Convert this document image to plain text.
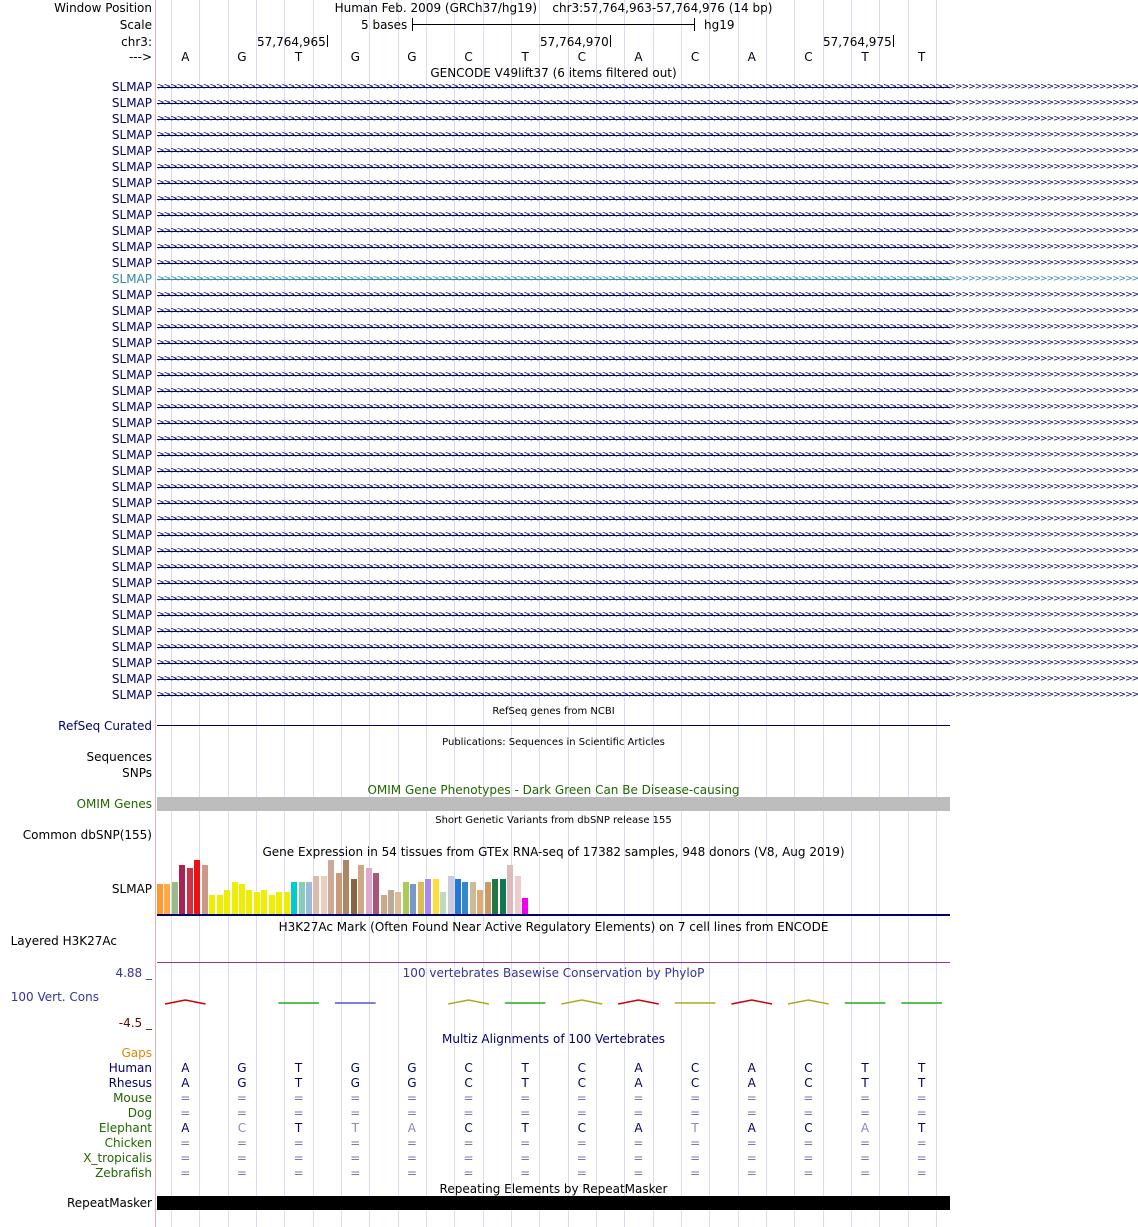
Window Position	Human Feb. 2009 (GRCh37/hg19) chr3:57,764,963-57,764,976 (14 bp)
Scale	5 bases	hg19
chr3:	57,764,965	57,764,970	57,764,975
--->	A	G	T	G	G	C	T	C	A	C	A	C	T	T
GENCODE V49lift37 (6 items filtered out)
SLMAP >>>>>>>>>>>>>>>>>>>>>>>>>>>>>>>>>>>>>>>>>>>>>>>>>>>>>>>>>>>>>>>>>>>>>>>>>>>>>>>>>>>>>>>>>>>>>>>>>>>>>>>>>>>>>>>>>>>>>>>>>>>>>>>>>>>>>>>>>>>>>>>>>>>>>>
SLMAP >>>>>>>>>>>>>>>>>>>>>>>>>>>>>>>>>>>>>>>>>>>>>>>>>>>>>>>>>>>>>>>>>>>>>>>>>>>>>>>>>>>>>>>>>>>>>>>>>>>>>>>>>>>>>>>>>>>>>>>>>>>>>>>>>>>>>>>>>>>>>>>>>>>>>>
SLMAP >>>>>>>>>>>>>>>>>>>>>>>>>>>>>>>>>>>>>>>>>>>>>>>>>>>>>>>>>>>>>>>>>>>>>>>>>>>>>>>>>>>>>>>>>>>>>>>>>>>>>>>>>>>>>>>>>>>>>>>>>>>>>>>>>>>>>>>>>>>>>>>>>>>>>>
SLMAP >>>>>>>>>>>>>>>>>>>>>>>>>>>>>>>>>>>>>>>>>>>>>>>>>>>>>>>>>>>>>>>>>>>>>>>>>>>>>>>>>>>>>>>>>>>>>>>>>>>>>>>>>>>>>>>>>>>>>>>>>>>>>>>>>>>>>>>>>>>>>>>>>>>>>>
SLMAP >>>>>>>>>>>>>>>>>>>>>>>>>>>>>>>>>>>>>>>>>>>>>>>>>>>>>>>>>>>>>>>>>>>>>>>>>>>>>>>>>>>>>>>>>>>>>>>>>>>>>>>>>>>>>>>>>>>>>>>>>>>>>>>>>>>>>>>>>>>>>>>>>>>>>>
SLMAP >>>>>>>>>>>>>>>>>>>>>>>>>>>>>>>>>>>>>>>>>>>>>>>>>>>>>>>>>>>>>>>>>>>>>>>>>>>>>>>>>>>>>>>>>>>>>>>>>>>>>>>>>>>>>>>>>>>>>>>>>>>>>>>>>>>>>>>>>>>>>>>>>>>>>>
SLMAP >>>>>>>>>>>>>>>>>>>>>>>>>>>>>>>>>>>>>>>>>>>>>>>>>>>>>>>>>>>>>>>>>>>>>>>>>>>>>>>>>>>>>>>>>>>>>>>>>>>>>>>>>>>>>>>>>>>>>>>>>>>>>>>>>>>>>>>>>>>>>>>>>>>>>>
SLMAP >>>>>>>>>>>>>>>>>>>>>>>>>>>>>>>>>>>>>>>>>>>>>>>>>>>>>>>>>>>>>>>>>>>>>>>>>>>>>>>>>>>>>>>>>>>>>>>>>>>>>>>>>>>>>>>>>>>>>>>>>>>>>>>>>>>>>>>>>>>>>>>>>>>>>>
SLMAP >>>>>>>>>>>>>>>>>>>>>>>>>>>>>>>>>>>>>>>>>>>>>>>>>>>>>>>>>>>>>>>>>>>>>>>>>>>>>>>>>>>>>>>>>>>>>>>>>>>>>>>>>>>>>>>>>>>>>>>>>>>>>>>>>>>>>>>>>>>>>>>>>>>>>>
SLMAP >>>>>>>>>>>>>>>>>>>>>>>>>>>>>>>>>>>>>>>>>>>>>>>>>>>>>>>>>>>>>>>>>>>>>>>>>>>>>>>>>>>>>>>>>>>>>>>>>>>>>>>>>>>>>>>>>>>>>>>>>>>>>>>>>>>>>>>>>>>>>>>>>>>>>>
SLMAP >>>>>>>>>>>>>>>>>>>>>>>>>>>>>>>>>>>>>>>>>>>>>>>>>>>>>>>>>>>>>>>>>>>>>>>>>>>>>>>>>>>>>>>>>>>>>>>>>>>>>>>>>>>>>>>>>>>>>>>>>>>>>>>>>>>>>>>>>>>>>>>>>>>>>>
SLMAP >>>>>>>>>>>>>>>>>>>>>>>>>>>>>>>>>>>>>>>>>>>>>>>>>>>>>>>>>>>>>>>>>>>>>>>>>>>>>>>>>>>>>>>>>>>>>>>>>>>>>>>>>>>>>>>>>>>>>>>>>>>>>>>>>>>>>>>>>>>>>>>>>>>>>>
SLMAP >>>>>>>>>>>>>>>>>>>>>>>>>>>>>>>>>>>>>>>>>>>>>>>>>>>>>>>>>>>>>>>>>>>>>>>>>>>>>>>>>>>>>>>>>>>>>>>>>>>>>>>>>>>>>>>>>>>>>>>>>>>>>>>>>>>>>>>>>>>>>>>>>>>>>>
SLMAP >>>>>>>>>>>>>>>>>>>>>>>>>>>>>>>>>>>>>>>>>>>>>>>>>>>>>>>>>>>>>>>>>>>>>>>>>>>>>>>>>>>>>>>>>>>>>>>>>>>>>>>>>>>>>>>>>>>>>>>>>>>>>>>>>>>>>>>>>>>>>>>>>>>>>>
SLMAP >>>>>>>>>>>>>>>>>>>>>>>>>>>>>>>>>>>>>>>>>>>>>>>>>>>>>>>>>>>>>>>>>>>>>>>>>>>>>>>>>>>>>>>>>>>>>>>>>>>>>>>>>>>>>>>>>>>>>>>>>>>>>>>>>>>>>>>>>>>>>>>>>>>>>>
SLMAP >>>>>>>>>>>>>>>>>>>>>>>>>>>>>>>>>>>>>>>>>>>>>>>>>>>>>>>>>>>>>>>>>>>>>>>>>>>>>>>>>>>>>>>>>>>>>>>>>>>>>>>>>>>>>>>>>>>>>>>>>>>>>>>>>>>>>>>>>>>>>>>>>>>>>>
SLMAP >>>>>>>>>>>>>>>>>>>>>>>>>>>>>>>>>>>>>>>>>>>>>>>>>>>>>>>>>>>>>>>>>>>>>>>>>>>>>>>>>>>>>>>>>>>>>>>>>>>>>>>>>>>>>>>>>>>>>>>>>>>>>>>>>>>>>>>>>>>>>>>>>>>>>>
SLMAP >>>>>>>>>>>>>>>>>>>>>>>>>>>>>>>>>>>>>>>>>>>>>>>>>>>>>>>>>>>>>>>>>>>>>>>>>>>>>>>>>>>>>>>>>>>>>>>>>>>>>>>>>>>>>>>>>>>>>>>>>>>>>>>>>>>>>>>>>>>>>>>>>>>>>>
SLMAP >>>>>>>>>>>>>>>>>>>>>>>>>>>>>>>>>>>>>>>>>>>>>>>>>>>>>>>>>>>>>>>>>>>>>>>>>>>>>>>>>>>>>>>>>>>>>>>>>>>>>>>>>>>>>>>>>>>>>>>>>>>>>>>>>>>>>>>>>>>>>>>>>>>>>>
SLMAP >>>>>>>>>>>>>>>>>>>>>>>>>>>>>>>>>>>>>>>>>>>>>>>>>>>>>>>>>>>>>>>>>>>>>>>>>>>>>>>>>>>>>>>>>>>>>>>>>>>>>>>>>>>>>>>>>>>>>>>>>>>>>>>>>>>>>>>>>>>>>>>>>>>>>>
SLMAP >>>>>>>>>>>>>>>>>>>>>>>>>>>>>>>>>>>>>>>>>>>>>>>>>>>>>>>>>>>>>>>>>>>>>>>>>>>>>>>>>>>>>>>>>>>>>>>>>>>>>>>>>>>>>>>>>>>>>>>>>>>>>>>>>>>>>>>>>>>>>>>>>>>>>>
SLMAP >>>>>>>>>>>>>>>>>>>>>>>>>>>>>>>>>>>>>>>>>>>>>>>>>>>>>>>>>>>>>>>>>>>>>>>>>>>>>>>>>>>>>>>>>>>>>>>>>>>>>>>>>>>>>>>>>>>>>>>>>>>>>>>>>>>>>>>>>>>>>>>>>>>>>>
SLMAP >>>>>>>>>>>>>>>>>>>>>>>>>>>>>>>>>>>>>>>>>>>>>>>>>>>>>>>>>>>>>>>>>>>>>>>>>>>>>>>>>>>>>>>>>>>>>>>>>>>>>>>>>>>>>>>>>>>>>>>>>>>>>>>>>>>>>>>>>>>>>>>>>>>>>>
SLMAP >>>>>>>>>>>>>>>>>>>>>>>>>>>>>>>>>>>>>>>>>>>>>>>>>>>>>>>>>>>>>>>>>>>>>>>>>>>>>>>>>>>>>>>>>>>>>>>>>>>>>>>>>>>>>>>>>>>>>>>>>>>>>>>>>>>>>>>>>>>>>>>>>>>>>>
SLMAP >>>>>>>>>>>>>>>>>>>>>>>>>>>>>>>>>>>>>>>>>>>>>>>>>>>>>>>>>>>>>>>>>>>>>>>>>>>>>>>>>>>>>>>>>>>>>>>>>>>>>>>>>>>>>>>>>>>>>>>>>>>>>>>>>>>>>>>>>>>>>>>>>>>>>>
SLMAP >>>>>>>>>>>>>>>>>>>>>>>>>>>>>>>>>>>>>>>>>>>>>>>>>>>>>>>>>>>>>>>>>>>>>>>>>>>>>>>>>>>>>>>>>>>>>>>>>>>>>>>>>>>>>>>>>>>>>>>>>>>>>>>>>>>>>>>>>>>>>>>>>>>>>>
SLMAP >>>>>>>>>>>>>>>>>>>>>>>>>>>>>>>>>>>>>>>>>>>>>>>>>>>>>>>>>>>>>>>>>>>>>>>>>>>>>>>>>>>>>>>>>>>>>>>>>>>>>>>>>>>>>>>>>>>>>>>>>>>>>>>>>>>>>>>>>>>>>>>>>>>>>>
SLMAP >>>>>>>>>>>>>>>>>>>>>>>>>>>>>>>>>>>>>>>>>>>>>>>>>>>>>>>>>>>>>>>>>>>>>>>>>>>>>>>>>>>>>>>>>>>>>>>>>>>>>>>>>>>>>>>>>>>>>>>>>>>>>>>>>>>>>>>>>>>>>>>>>>>>>>
SLMAP >>>>>>>>>>>>>>>>>>>>>>>>>>>>>>>>>>>>>>>>>>>>>>>>>>>>>>>>>>>>>>>>>>>>>>>>>>>>>>>>>>>>>>>>>>>>>>>>>>>>>>>>>>>>>>>>>>>>>>>>>>>>>>>>>>>>>>>>>>>>>>>>>>>>>>
SLMAP >>>>>>>>>>>>>>>>>>>>>>>>>>>>>>>>>>>>>>>>>>>>>>>>>>>>>>>>>>>>>>>>>>>>>>>>>>>>>>>>>>>>>>>>>>>>>>>>>>>>>>>>>>>>>>>>>>>>>>>>>>>>>>>>>>>>>>>>>>>>>>>>>>>>>>
SLMAP >>>>>>>>>>>>>>>>>>>>>>>>>>>>>>>>>>>>>>>>>>>>>>>>>>>>>>>>>>>>>>>>>>>>>>>>>>>>>>>>>>>>>>>>>>>>>>>>>>>>>>>>>>>>>>>>>>>>>>>>>>>>>>>>>>>>>>>>>>>>>>>>>>>>>>
SLMAP >>>>>>>>>>>>>>>>>>>>>>>>>>>>>>>>>>>>>>>>>>>>>>>>>>>>>>>>>>>>>>>>>>>>>>>>>>>>>>>>>>>>>>>>>>>>>>>>>>>>>>>>>>>>>>>>>>>>>>>>>>>>>>>>>>>>>>>>>>>>>>>>>>>>>>
SLMAP >>>>>>>>>>>>>>>>>>>>>>>>>>>>>>>>>>>>>>>>>>>>>>>>>>>>>>>>>>>>>>>>>>>>>>>>>>>>>>>>>>>>>>>>>>>>>>>>>>>>>>>>>>>>>>>>>>>>>>>>>>>>>>>>>>>>>>>>>>>>>>>>>>>>>>
SLMAP >>>>>>>>>>>>>>>>>>>>>>>>>>>>>>>>>>>>>>>>>>>>>>>>>>>>>>>>>>>>>>>>>>>>>>>>>>>>>>>>>>>>>>>>>>>>>>>>>>>>>>>>>>>>>>>>>>>>>>>>>>>>>>>>>>>>>>>>>>>>>>>>>>>>>>
SLMAP >>>>>>>>>>>>>>>>>>>>>>>>>>>>>>>>>>>>>>>>>>>>>>>>>>>>>>>>>>>>>>>>>>>>>>>>>>>>>>>>>>>>>>>>>>>>>>>>>>>>>>>>>>>>>>>>>>>>>>>>>>>>>>>>>>>>>>>>>>>>>>>>>>>>>>
SLMAP >>>>>>>>>>>>>>>>>>>>>>>>>>>>>>>>>>>>>>>>>>>>>>>>>>>>>>>>>>>>>>>>>>>>>>>>>>>>>>>>>>>>>>>>>>>>>>>>>>>>>>>>>>>>>>>>>>>>>>>>>>>>>>>>>>>>>>>>>>>>>>>>>>>>>>
SLMAP >>>>>>>>>>>>>>>>>>>>>>>>>>>>>>>>>>>>>>>>>>>>>>>>>>>>>>>>>>>>>>>>>>>>>>>>>>>>>>>>>>>>>>>>>>>>>>>>>>>>>>>>>>>>>>>>>>>>>>>>>>>>>>>>>>>>>>>>>>>>>>>>>>>>>>
SLMAP >>>>>>>>>>>>>>>>>>>>>>>>>>>>>>>>>>>>>>>>>>>>>>>>>>>>>>>>>>>>>>>>>>>>>>>>>>>>>>>>>>>>>>>>>>>>>>>>>>>>>>>>>>>>>>>>>>>>>>>>>>>>>>>>>>>>>>>>>>>>>>>>>>>>>>
SLMAP >>>>>>>>>>>>>>>>>>>>>>>>>>>>>>>>>>>>>>>>>>>>>>>>>>>>>>>>>>>>>>>>>>>>>>>>>>>>>>>>>>>>>>>>>>>>>>>>>>>>>>>>>>>>>>>>>>>>>>>>>>>>>>>>>>>>>>>>>>>>>>>>>>>>>>
RefSeq genes from NCBI
RefSeq Curated
Publications: Sequences in Scientific Articles
Sequences
SNPs
OMIM Gene Phenotypes - Dark Green Can Be Disease-causing
OMIM Genes
Short Genetic Variants from dbSNP release 155
Common dbSNP(155)
Gene Expression in 54 tissues from GTEx RNA-seq of 17382 samples, 948 donors (V8, Aug 2019)
SLMAP
H3K27Ac Mark (Often Found Near Active Regulatory Elements) on 7 cell lines from ENCODE
Layered H3K27Ac
100 vertebrates Basewise Conservation by PhyloP
4.88 _
100 Vert. Cons
-4.5 _
Multiz Alignments of 100 Vertebrates
Gaps
Human	A	G	T	G	G	C	T	C	A	C	A	C	T	T
Rhesus	A	G	T	G	G	C	T	C	A	C	A	C	T	T
Mouse	=	=	=	=	=	=	=	=	=	=	=	=	=	=
Dog	=	=	=	=	=	=	=	=	=	=	=	=	=	=
Elephant	A	C	T	T	A	C	T	C	A	T	A	C	A	T
Chicken	=	=	=	=	=	=	=	=	=	=	=	=	=	=
X_tropicalis	=	=	=	=	=	=	=	=	=	=	=	=	=	=
Zebrafish	=	=	=	=	=	=	=	=	=	=	=	=	=	=
Repeating Elements by RepeatMasker
RepeatMasker
